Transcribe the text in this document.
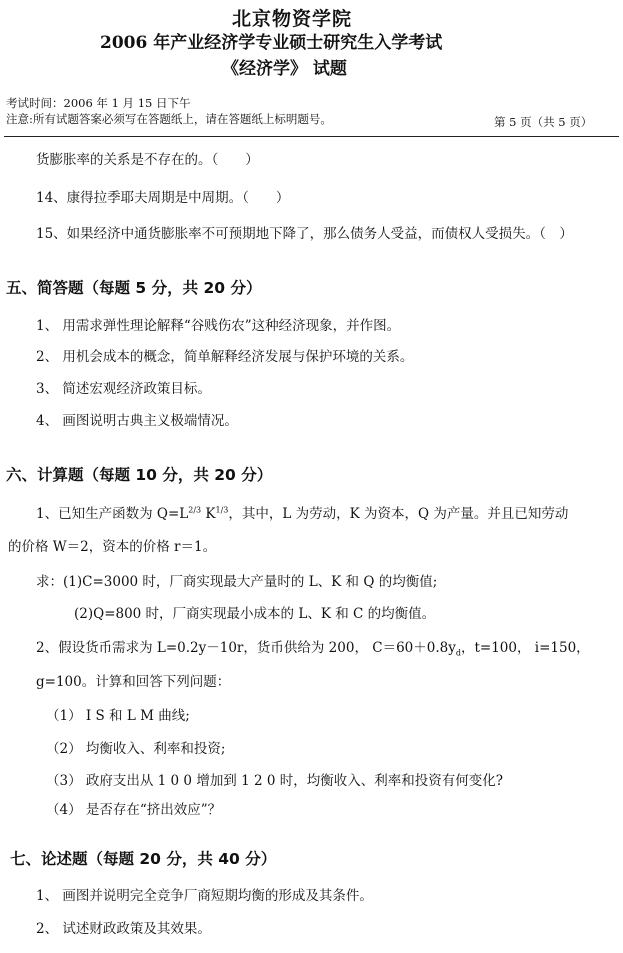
北京物资学院
2006 年产业经济学专业硕士研究生入学考试
《经济学》 试题
考试时间：2006 年 1 月 15 日下午
注意:所有试题答案必须写在答题纸上，请在答题纸上标明题号。	第 5 页（共 5 页）
货膨胀率的关系是不存在的。（　　）
14、康得拉季耶夫周期是中周期。（　　）
15、如果经济中通货膨胀率不可预期地下降了，那么债务人受益，而债权人受损失。（　）
五、简答题（每题 5 分，共 20 分）
1、 用需求弹性理论解释“谷贱伤农”这种经济现象，并作图。
2、 用机会成本的概念，简单解释经济发展与保护环境的关系。
3、 简述宏观经济政策目标。
4、 画图说明古典主义极端情况。
六、计算题（每题 10 分，共 20 分）
1、已知生产函数为 $Q=L^{2/3}$ $K^{1/3}$，其中，L 为劳动，K 为资本，Q 为产量。并且已知劳动
的价格 W＝2，资本的价格 r＝1。
求：(1)C=3000 时，厂商实现最大产量时的 L、K 和 Q 的均衡值;
(2)Q=800 时，厂商实现最小成本的 L、K 和 C 的均衡值。
2、假设货币需求为 L=0.2y－10r，货币供给为 200， $C=60+0.8y_d$，t=100， i=150，
g=100。计算和回答下列问题：
（1） I S 和 L M 曲线;
（2） 均衡收入、利率和投资;
（3） 政府支出从 1 0 0 增加到 1 2 0 时，均衡收入、利率和投资有何变化?
（4） 是否存在“挤出效应”？
七、论述题（每题 20 分，共 40 分）
1、 画图并说明完全竞争厂商短期均衡的形成及其条件。
2、 试述财政政策及其效果。
